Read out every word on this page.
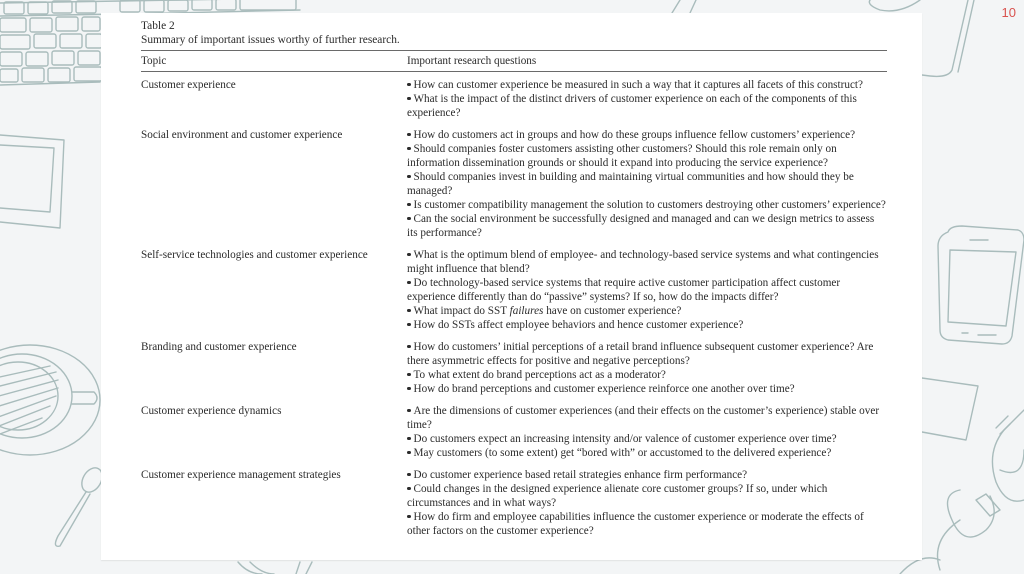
10
Table 2
Summary of important issues worthy of further research.
Topic	Important research questions
Customer experience	How can customer experience be measured in such a way that it captures all facets of this construct?
What is the impact of the distinct drivers of customer experience on each of the components of this experience?
Social environment and customer experience	How do customers act in groups and how do these groups influence fellow customers’ experience?
Should companies foster customers assisting other customers? Should this role remain only on information dissemination grounds or should it expand into producing the service experience?
Should companies invest in building and maintaining virtual communities and how should they be managed?
Is customer compatibility management the solution to customers destroying other customers’ experience?
Can the social environment be successfully designed and managed and can we design metrics to assess its performance?
Self-service technologies and customer experience	What is the optimum blend of employee- and technology-based service systems and what contingencies might influence that blend?
Do technology-based service systems that require active customer participation affect customer experience differently than do “passive” systems? If so, how do the impacts differ?
What impact do SST failures have on customer experience?
How do SSTs affect employee behaviors and hence customer experience?
Branding and customer experience	How do customers’ initial perceptions of a retail brand influence subsequent customer experience? Are there asymmetric effects for positive and negative perceptions?
To what extent do brand perceptions act as a moderator?
How do brand perceptions and customer experience reinforce one another over time?
Customer experience dynamics	Are the dimensions of customer experiences (and their effects on the customer’s experience) stable over time?
Do customers expect an increasing intensity and/or valence of customer experience over time?
May customers (to some extent) get “bored with” or accustomed to the delivered experience?
Customer experience management strategies	Do customer experience based retail strategies enhance firm performance?
Could changes in the designed experience alienate core customer groups? If so, under which circumstances and in what ways?
How do firm and employee capabilities influence the customer experience or moderate the effects of other factors on the customer experience?
